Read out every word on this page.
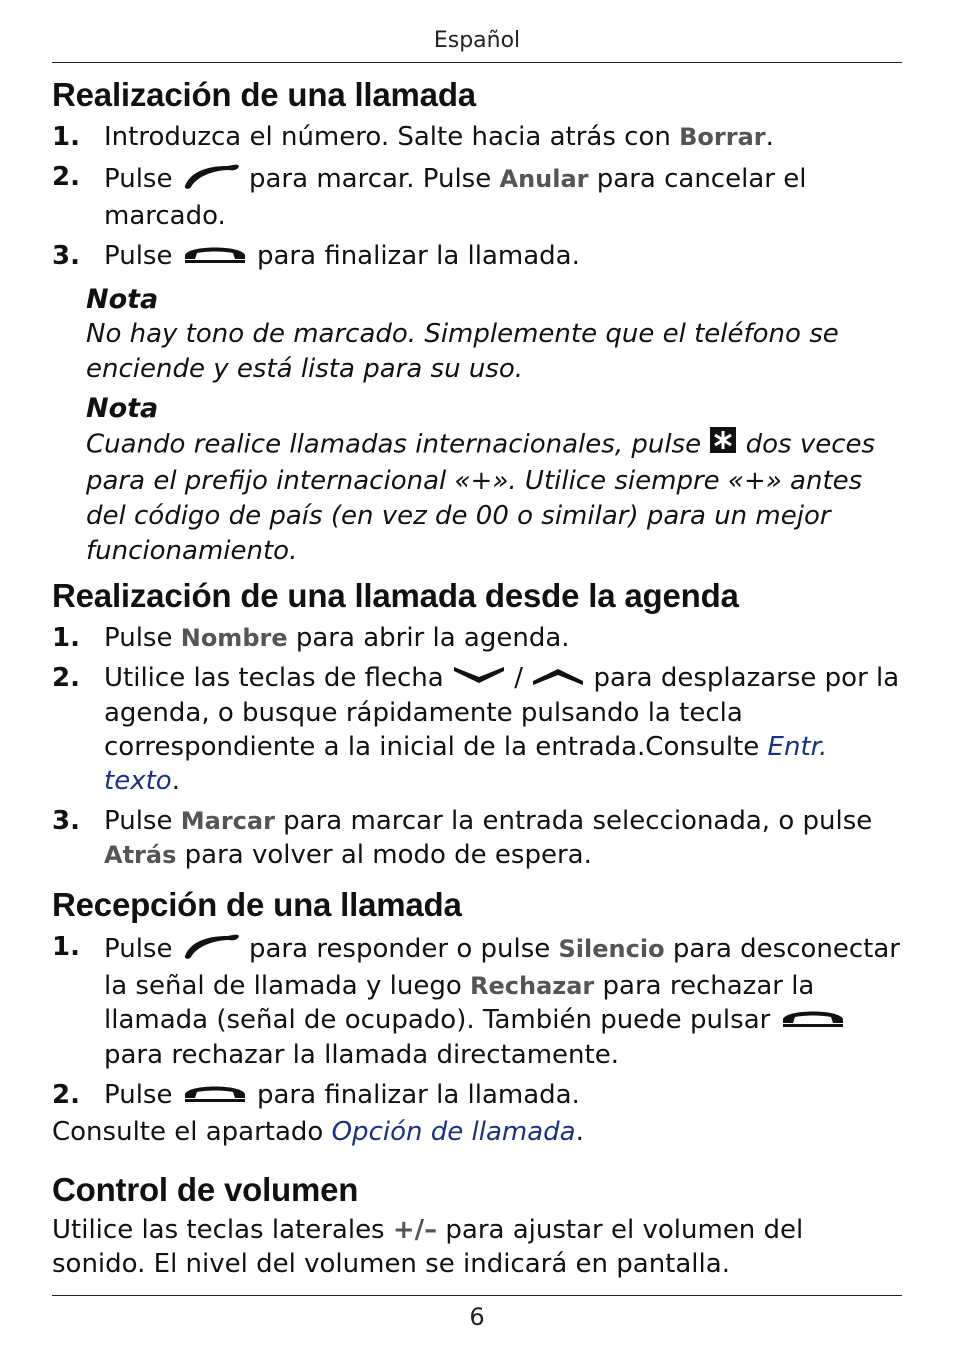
Español
Realización de una llamada
1. Introduzca el número. Salte hacia atrás con Borrar.
2. Pulse  para marcar. Pulse Anular para cancelar el marcado.
3. Pulse	para finalizar la llamada.
Nota
No hay tono de marcado. Simplemente que el teléfono se enciende y está lista para su uso.
Nota
Cuando realice llamadas internacionales, pulse  dos veces para el prefijo internacional «+». Utilice siempre «+» antes del código de país (en vez de 00 o similar) para un mejor funcionamiento.
Realización de una llamada desde la agenda
1. Pulse Nombre para abrir la agenda.
2. Utilice las teclas de flecha  /  para desplazarse por la agenda, o busque rápidamente pulsando la tecla correspondiente a la inicial de la entrada.Consulte Entr. texto.
3. Pulse Marcar para marcar la entrada seleccionada, o pulse Atrás para volver al modo de espera.
Recepción de una llamada
1. Pulse  para responder o pulse Silencio para desconectar la señal de llamada y luego Rechazar para rechazar la llamada (señal de ocupado). También puede pulsar  para rechazar la llamada directamente.
2. Pulse	para finalizar la llamada.
Consulte el apartado Opción de llamada.
Control de volumen
Utilice las teclas laterales +/– para ajustar el volumen del sonido. El nivel del volumen se indicará en pantalla.
6
